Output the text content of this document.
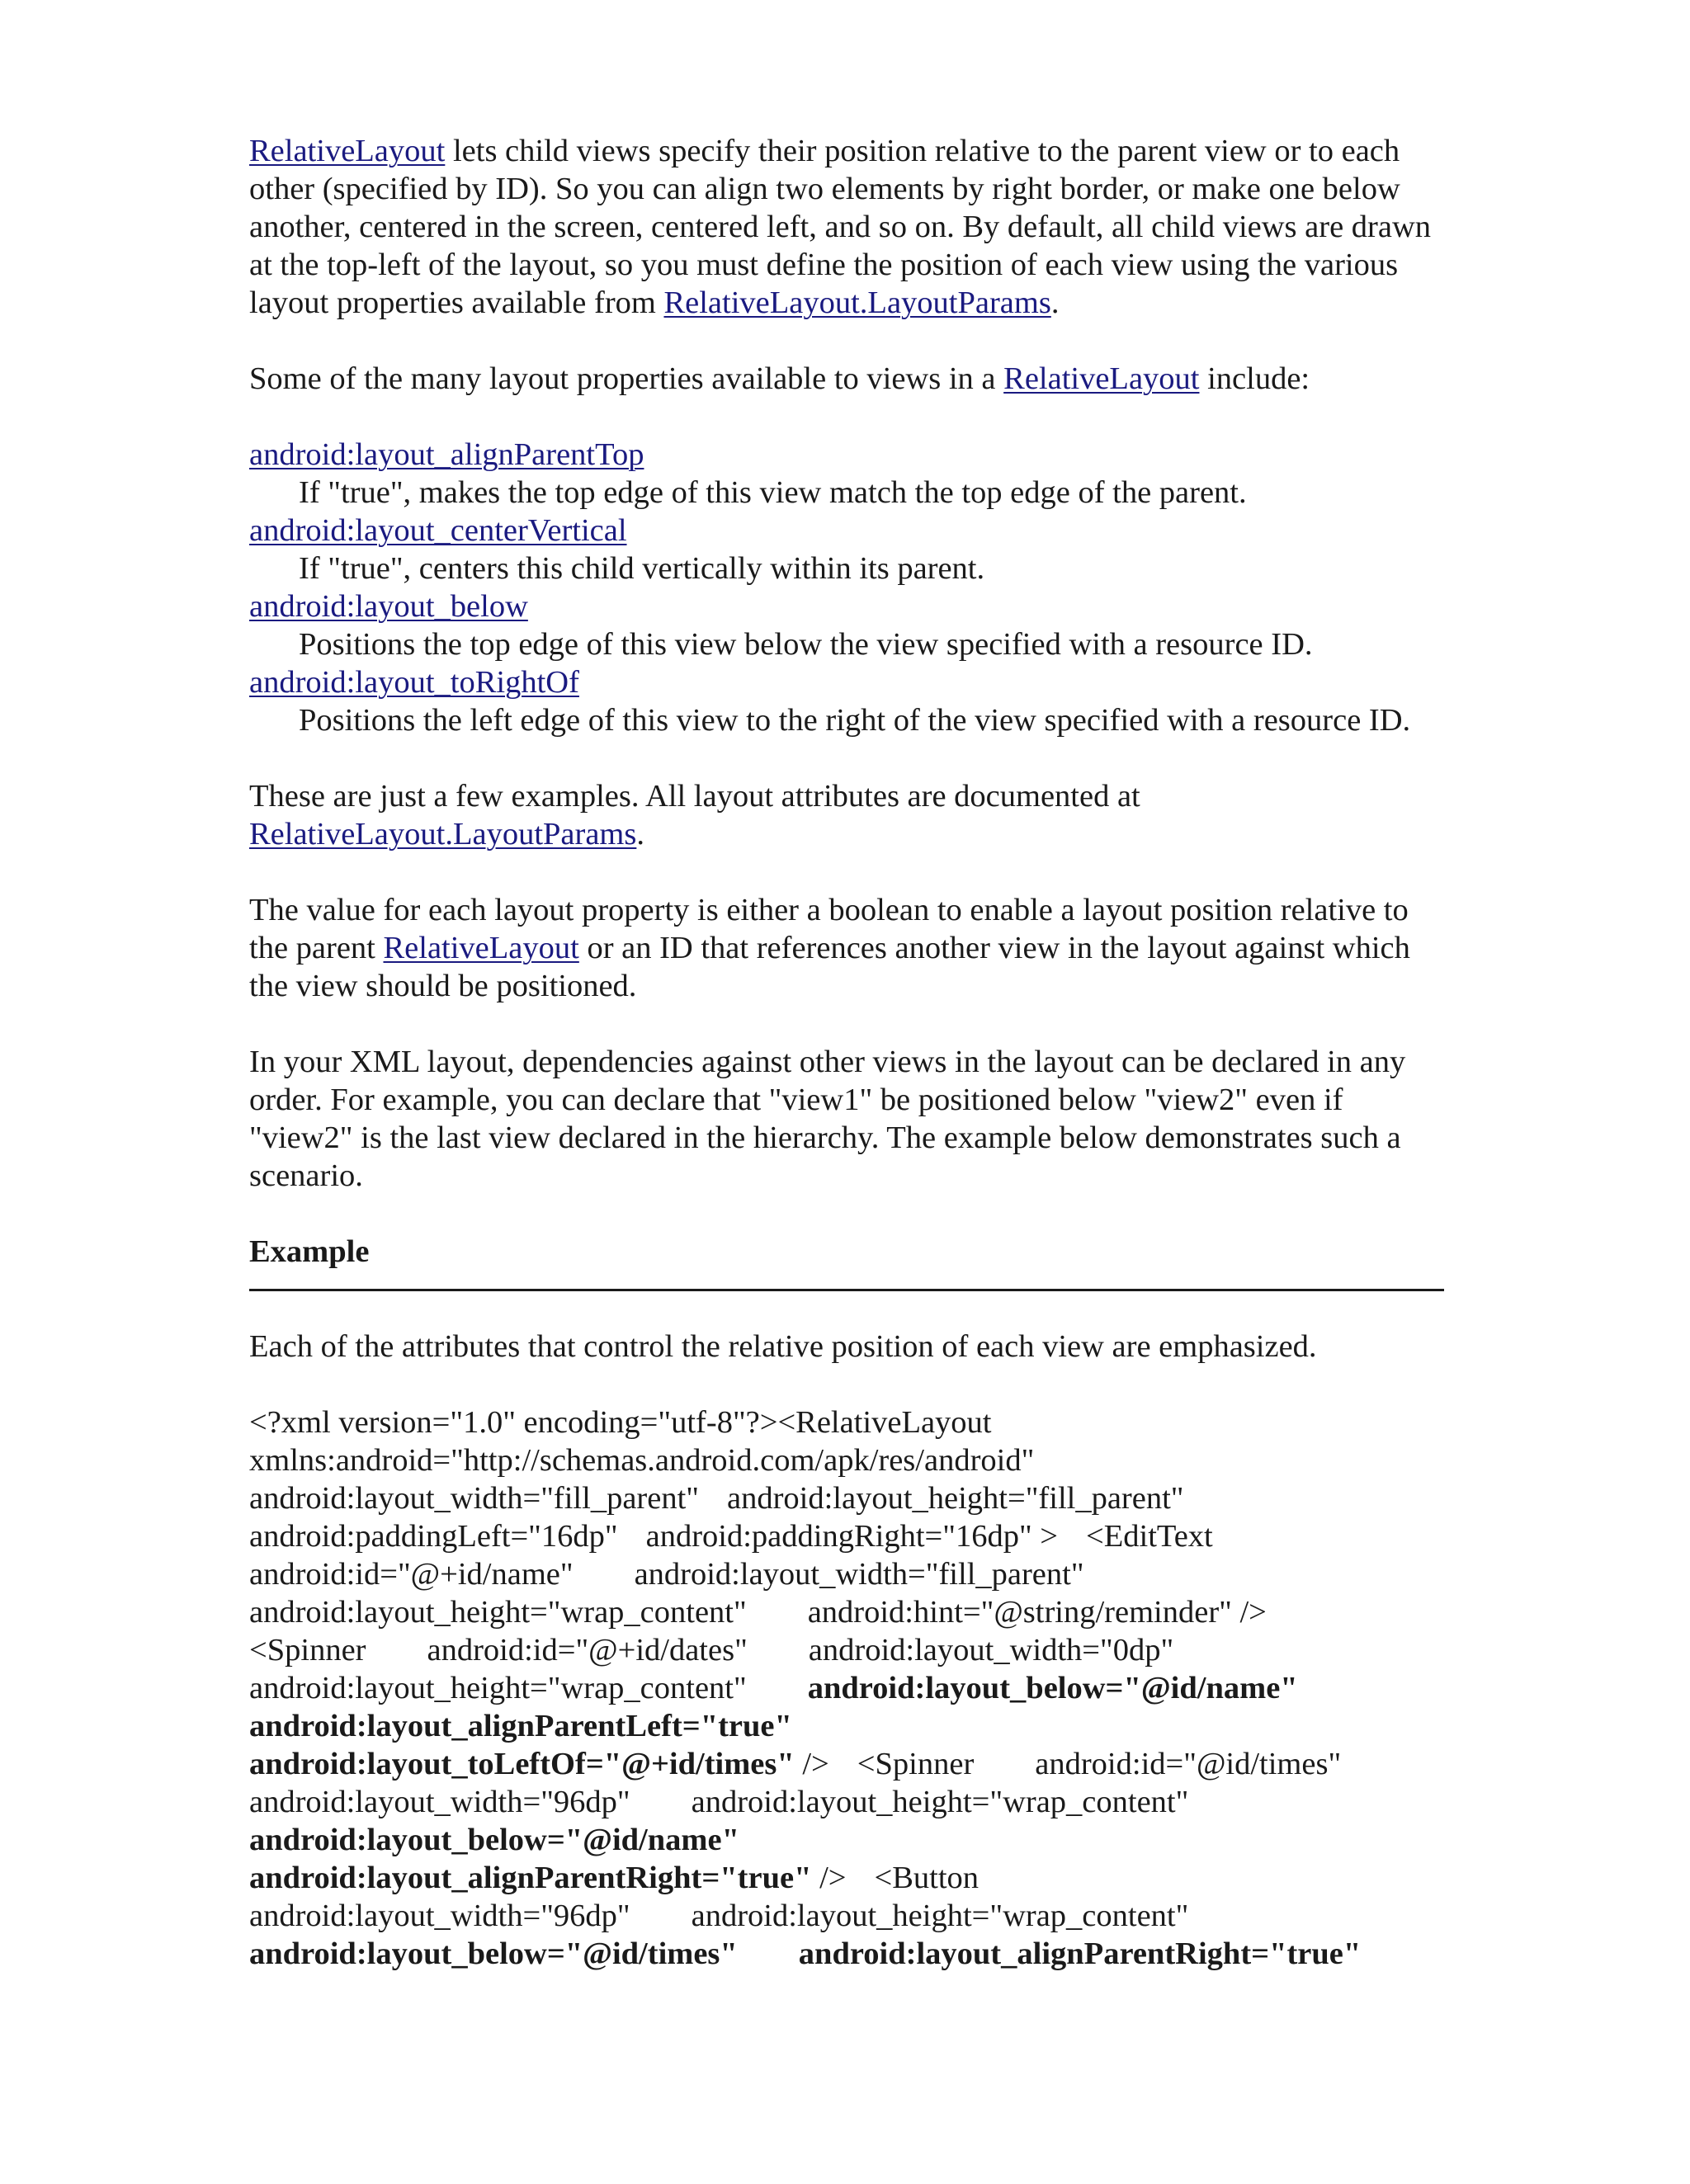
RelativeLayout lets child views specify their position relative to the parent view or to each other (specified by ID). So you can align two elements by right border, or make one below another, centered in the screen, centered left, and so on. By default, all child views are drawn at the top-left of the layout, so you must define the position of each view using the various layout properties available from RelativeLayout.LayoutParams.

Some of the many layout properties available to views in a RelativeLayout include:

android:layout_alignParentTop

If "true", makes the top edge of this view match the top edge of the parent.

android:layout_centerVertical

If "true", centers this child vertically within its parent.

android:layout_below

Positions the top edge of this view below the view specified with a resource ID.

android:layout_toRightOf

Positions the left edge of this view to the right of the view specified with a resource ID.

These are just a few examples. All layout attributes are documented at
RelativeLayout.LayoutParams.

The value for each layout property is either a boolean to enable a layout position relative to the parent RelativeLayout or an ID that references another view in the layout against which the view should be positioned.

In your XML layout, dependencies against other views in the layout can be declared in any order. For example, you can declare that "view1" be positioned below "view2" even if "view2" is the last view declared in the hierarchy. The example below demonstrates such a scenario.

Example

Each of the attributes that control the relative position of each view are emphasized.

<?xml version="1.0" encoding="utf-8"?><RelativeLayout
xmlns:android="http://schemas.android.com/apk/res/android"
android:layout_width="fill_parent" android:layout_height="fill_parent"
android:paddingLeft="16dp" android:paddingRight="16dp" > <EditText
android:id="@+id/name" android:layout_width="fill_parent"
android:layout_height="wrap_content" android:hint="@string/reminder" />
<Spinner android:id="@+id/dates" android:layout_width="0dp"
android:layout_height="wrap_content" android:layout_below="@id/name"
android:layout_alignParentLeft="true"
android:layout_toLeftOf="@+id/times" /> <Spinner android:id="@id/times"
android:layout_width="96dp" android:layout_height="wrap_content"
android:layout_below="@id/name"
android:layout_alignParentRight="true" /> <Button
android:layout_width="96dp" android:layout_height="wrap_content"
android:layout_below="@id/times" android:layout_alignParentRight="true"
